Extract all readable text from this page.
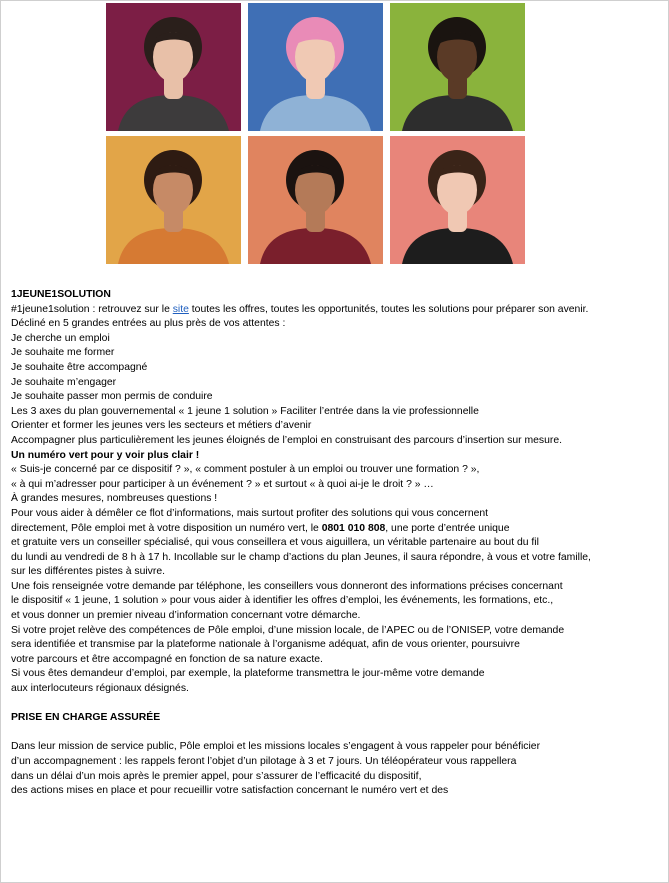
1JEUNE1SOLUTION
#1jeune1solution : retrouvez sur le site toutes les offres, toutes les opportunités, toutes les solutions pour préparer son avenir.
Décliné en 5 grandes entrées au plus près de vos attentes :
Je cherche un emploi
Je souhaite me former
Je souhaite être accompagné
Je souhaite m’engager
Je souhaite passer mon permis de conduire
Les 3 axes du plan gouvernemental « 1 jeune 1 solution » Faciliter l’entrée dans la vie professionnelle
Orienter et former les jeunes vers les secteurs et métiers d’avenir
Accompagner plus particulièrement les jeunes éloignés de l’emploi en construisant des parcours d’insertion sur mesure.
Un numéro vert pour y voir plus clair !
« Suis-je concerné par ce dispositif ? », « comment postuler à un emploi ou trouver une formation ? »,
« à qui m’adresser pour participer à un événement ? » et surtout « à quoi ai-je le droit ? » …
À grandes mesures, nombreuses questions !
Pour vous aider à démêler ce flot d’informations, mais surtout profiter des solutions qui vous concernent
directement, Pôle emploi met à votre disposition un numéro vert, le 0801 010 808, une porte d’entrée unique
et gratuite vers un conseiller spécialisé, qui vous conseillera et vous aiguillera, un véritable partenaire au bout du fil
du lundi au vendredi de 8 h à 17 h. Incollable sur le champ d’actions du plan Jeunes, il saura répondre, à vous et votre famille,
sur les différentes pistes à suivre.
Une fois renseignée votre demande par téléphone, les conseillers vous donneront des informations précises concernant
le dispositif « 1 jeune, 1 solution » pour vous aider à identifier les offres d’emploi, les événements, les formations, etc.,
et vous donner un premier niveau d’information concernant votre démarche.
Si votre projet relève des compétences de Pôle emploi, d’une mission locale, de l’APEC ou de l’ONISEP, votre demande
sera identifiée et transmise par la plateforme nationale à l’organisme adéquat, afin de vous orienter, poursuivre
votre parcours et être accompagné en fonction de sa nature exacte.
Si vous êtes demandeur d’emploi, par exemple, la plateforme transmettra le jour-même votre demande
aux interlocuteurs régionaux désignés.
PRISE EN CHARGE ASSURÉE
Dans leur mission de service public, Pôle emploi et les missions locales s’engagent à vous rappeler pour bénéficier
d’un accompagnement : les rappels feront l’objet d’un pilotage à 3 et 7 jours. Un téléopérateur vous rappellera
dans un délai d’un mois après le premier appel, pour s’assurer de l’efficacité du dispositif,
des actions mises en place et pour recueillir votre satisfaction concernant le numéro vert et des
